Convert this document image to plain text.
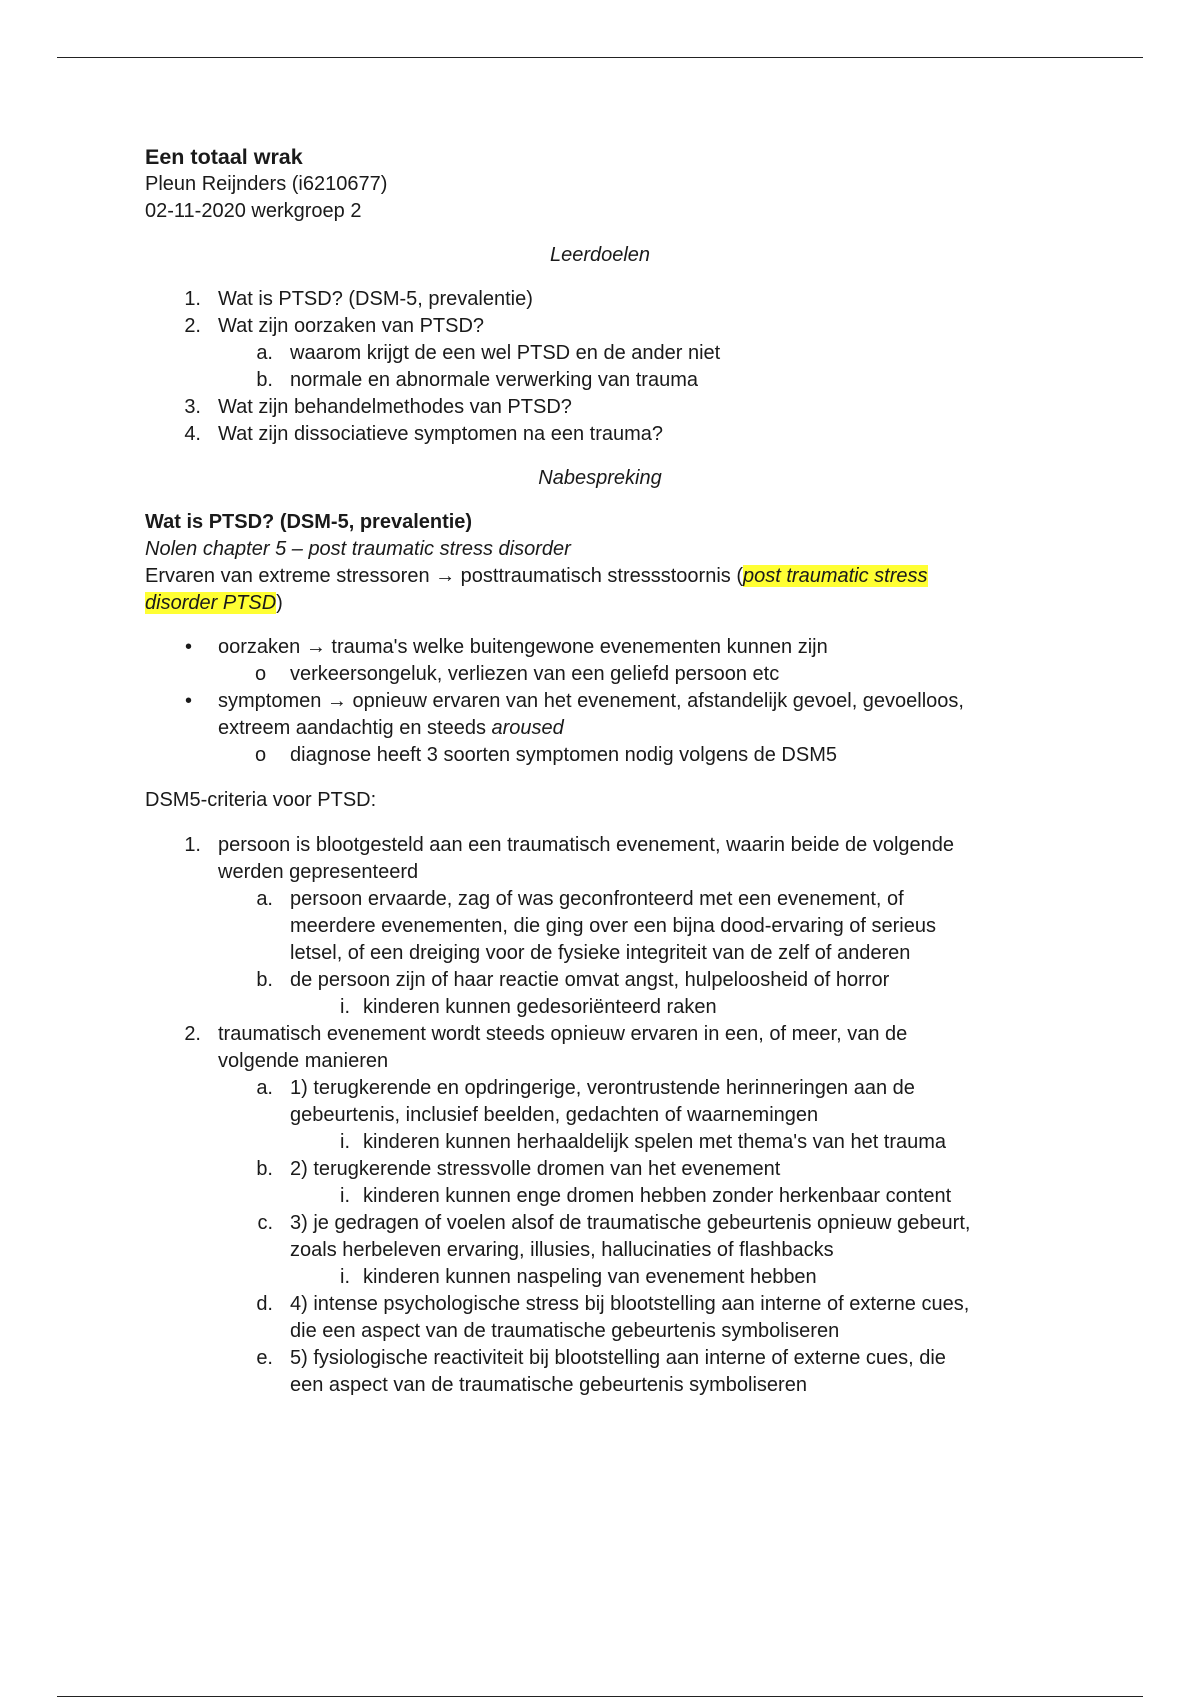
Een totaal wrak

Pleun Reijnders (i6210677)

02-11-2020 werkgroep 2

Leerdoelen

1. Wat is PTSD? (DSM-5, prevalentie)
2. Wat zijn oorzaken van PTSD?
a. waarom krijgt de een wel PTSD en de ander niet
b. normale en abnormale verwerking van trauma
3. Wat zijn behandelmethodes van PTSD?
4. Wat zijn dissociatieve symptomen na een trauma?

Nabespreking

Wat is PTSD? (DSM-5, prevalentie)

Nolen chapter 5 – post traumatic stress disorder

Ervaren van extreme stressoren → posttraumatisch stressstoornis (post traumatic stress
disorder PTSD)

•	oorzaken → trauma's welke buitengewone evenementen kunnen zijn
o verkeersongeluk, verliezen van een geliefd persoon etc
•	symptomen → opnieuw ervaren van het evenement, afstandelijk gevoel, gevoelloos,
extreem aandachtig en steeds aroused
o diagnose heeft 3 soorten symptomen nodig volgens de DSM5

DSM5-criteria voor PTSD:

1. persoon is blootgesteld aan een traumatisch evenement, waarin beide de volgende
werden gepresenteerd
a. persoon ervaarde, zag of was geconfronteerd met een evenement, of
meerdere evenementen, die ging over een bijna dood-ervaring of serieus
letsel, of een dreiging voor de fysieke integriteit van de zelf of anderen
b. de persoon zijn of haar reactie omvat angst, hulpeloosheid of horror
i. kinderen kunnen gedesoriënteerd raken
2. traumatisch evenement wordt steeds opnieuw ervaren in een, of meer, van de
volgende manieren
a. 1) terugkerende en opdringerige, verontrustende herinneringen aan de
gebeurtenis, inclusief beelden, gedachten of waarnemingen
i. kinderen kunnen herhaaldelijk spelen met thema's van het trauma
b. 2) terugkerende stressvolle dromen van het evenement
i. kinderen kunnen enge dromen hebben zonder herkenbaar content
c. 3) je gedragen of voelen alsof de traumatische gebeurtenis opnieuw gebeurt,
zoals herbeleven ervaring, illusies, hallucinaties of flashbacks
i. kinderen kunnen naspeling van evenement hebben
d. 4) intense psychologische stress bij blootstelling aan interne of externe cues,
die een aspect van de traumatische gebeurtenis symboliseren
e. 5) fysiologische reactiviteit bij blootstelling aan interne of externe cues, die
een aspect van de traumatische gebeurtenis symboliseren
